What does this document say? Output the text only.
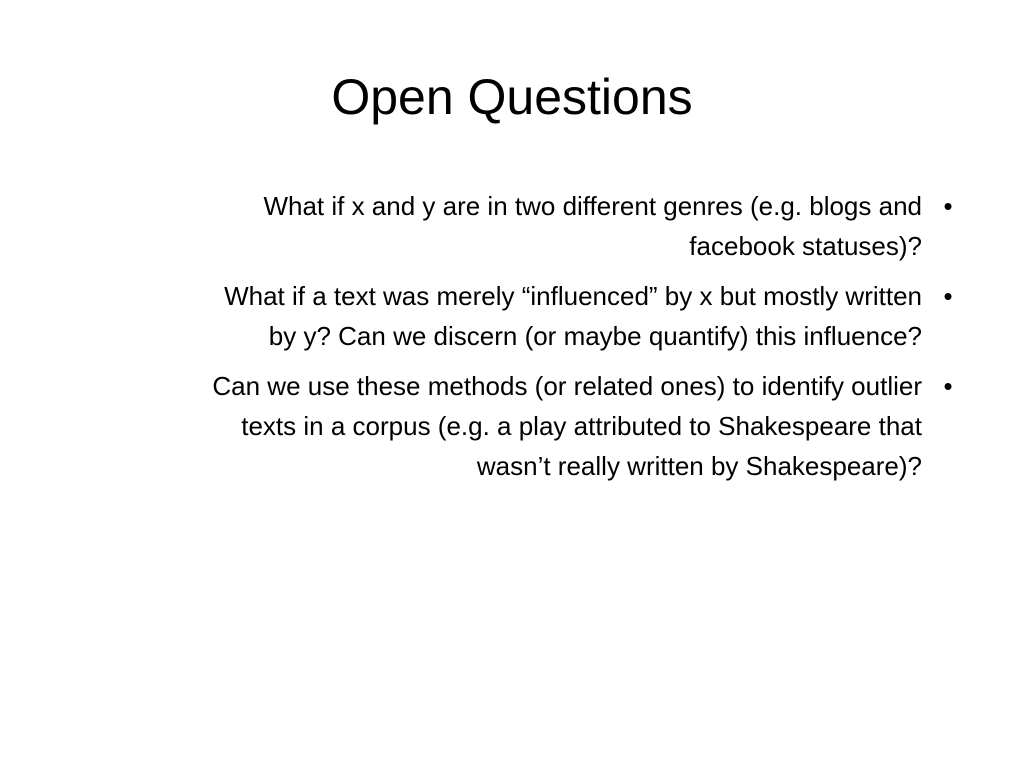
Open Questions
What if x and y are in two different genres (e.g. blogs and
facebook statuses)?
•
What if a text was merely “influenced” by x but mostly written
by y? Can we discern (or maybe quantify) this influence?
•
Can we use these methods (or related ones) to identify outlier
texts in a corpus (e.g. a play attributed to Shakespeare that
wasn’t really written by Shakespeare)?
•
